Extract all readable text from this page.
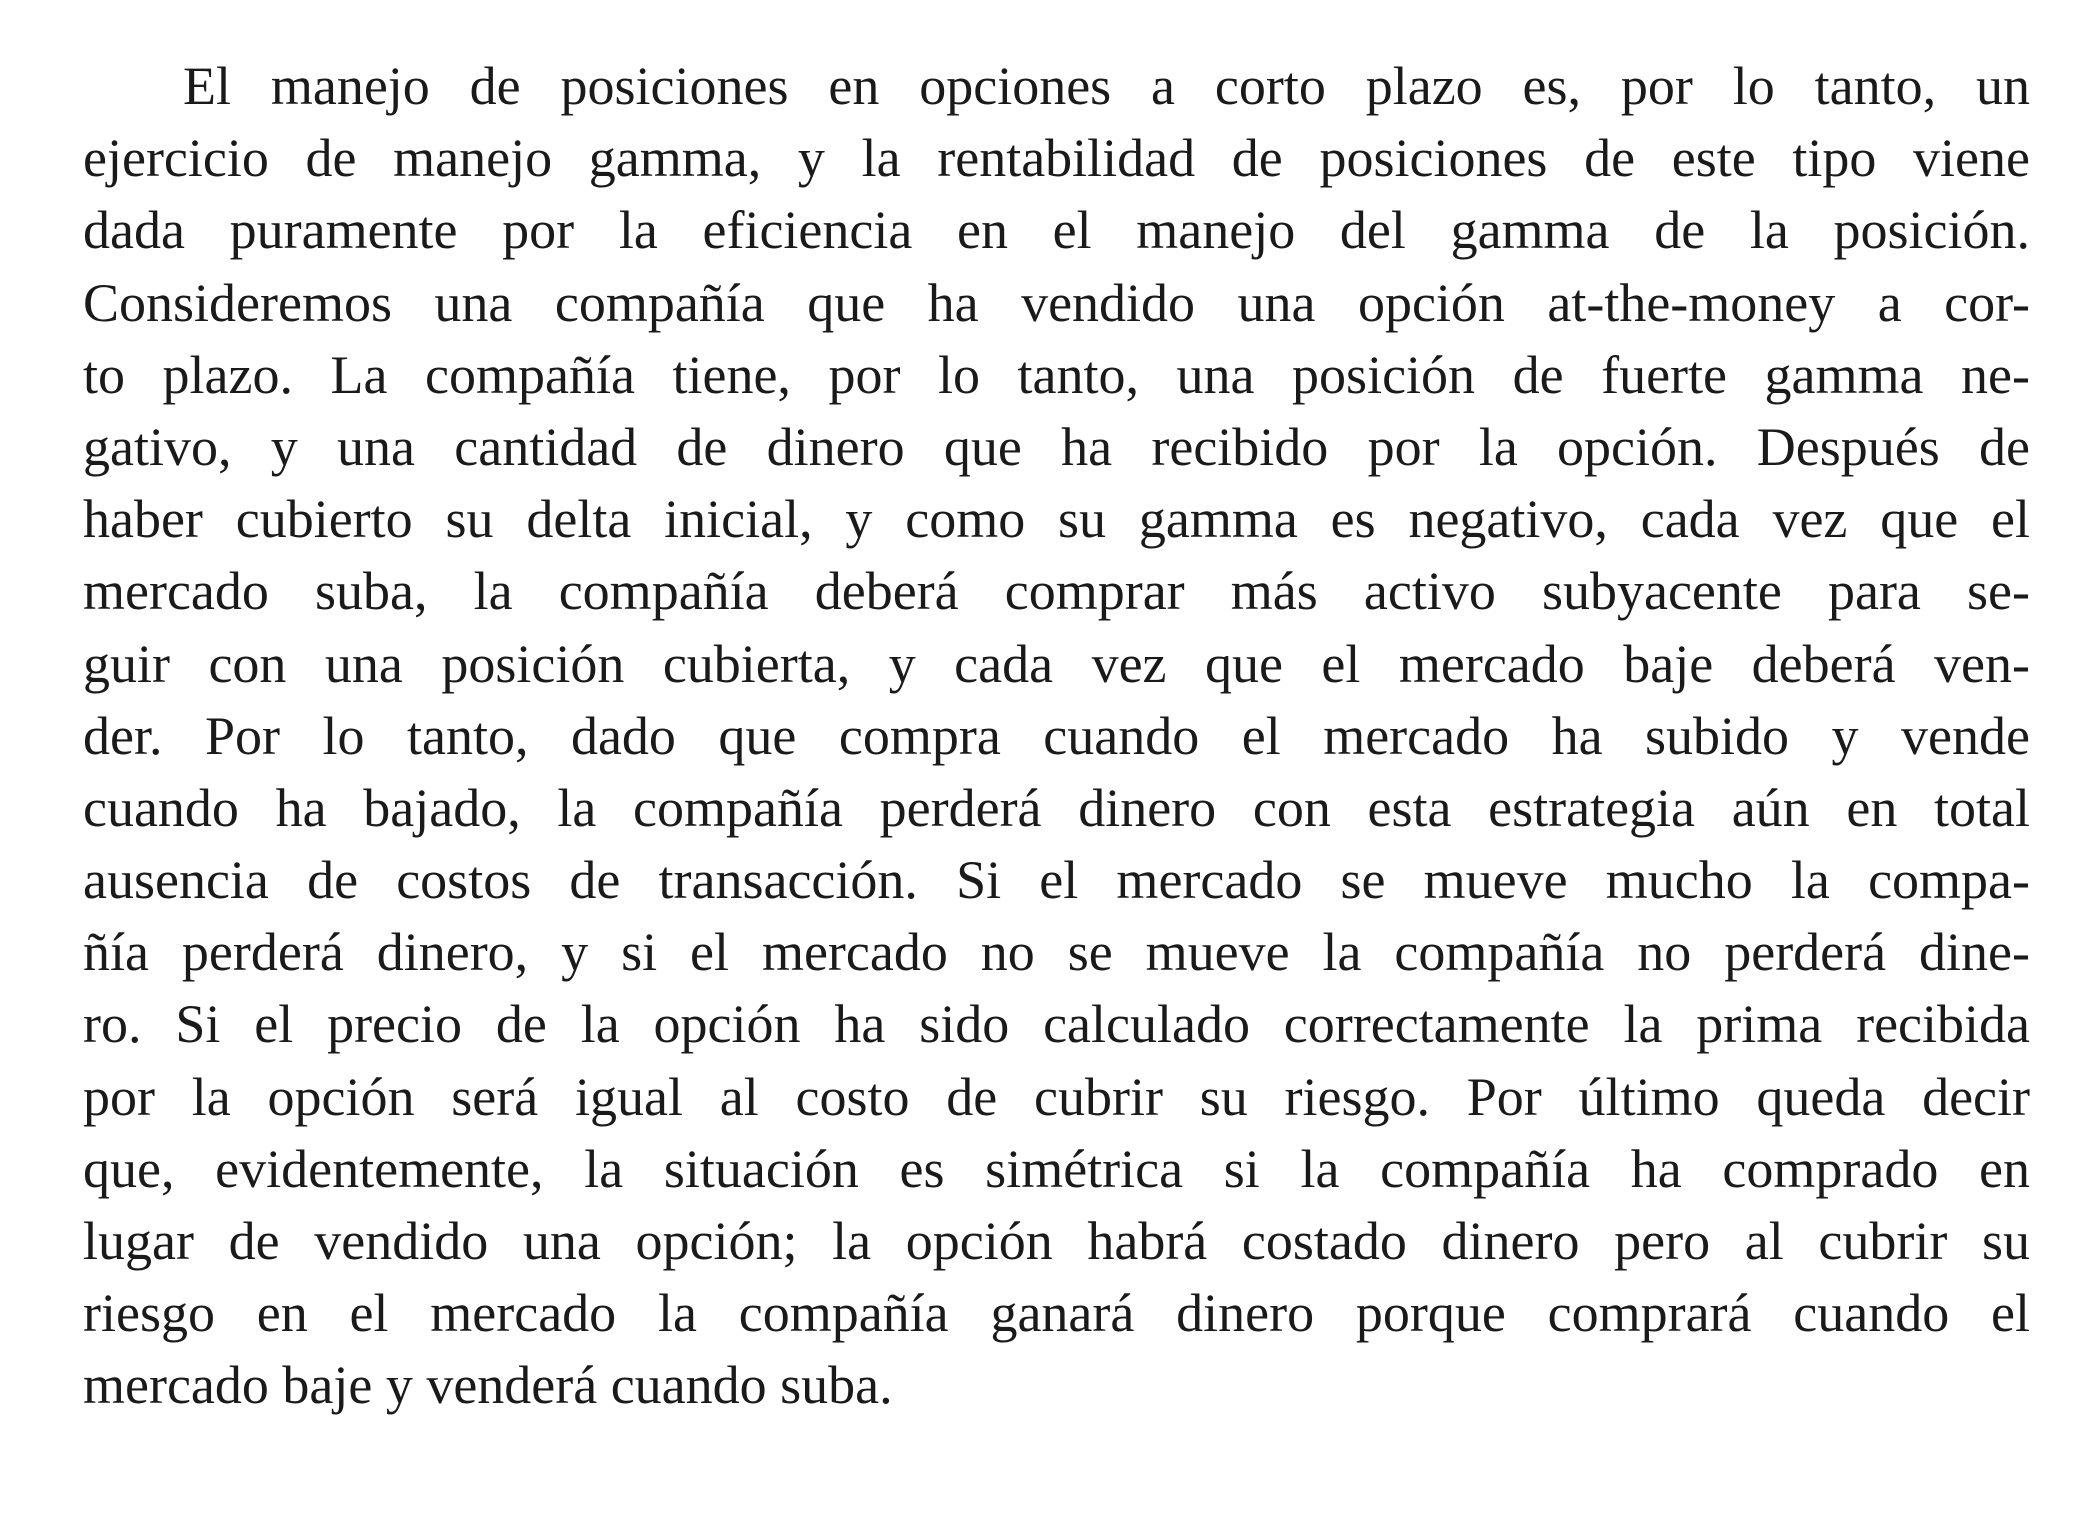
El manejo de posiciones en opciones a corto plazo es, por lo tanto, un
ejercicio de manejo gamma, y la rentabilidad de posiciones de este tipo viene
dada puramente por la eficiencia en el manejo del gamma de la posición.
Consideremos una compañía que ha vendido una opción at-the-money a cor-
to plazo. La compañía tiene, por lo tanto, una posición de fuerte gamma ne-
gativo, y una cantidad de dinero que ha recibido por la opción. Después de
haber cubierto su delta inicial, y como su gamma es negativo, cada vez que el
mercado suba, la compañía deberá comprar más activo subyacente para se-
guir con una posición cubierta, y cada vez que el mercado baje deberá ven-
der. Por lo tanto, dado que compra cuando el mercado ha subido y vende
cuando ha bajado, la compañía perderá dinero con esta estrategia aún en total
ausencia de costos de transacción. Si el mercado se mueve mucho la compa-
ñía perderá dinero, y si el mercado no se mueve la compañía no perderá dine-
ro. Si el precio de la opción ha sido calculado correctamente la prima recibida
por la opción será igual al costo de cubrir su riesgo. Por último queda decir
que, evidentemente, la situación es simétrica si la compañía ha comprado en
lugar de vendido una opción; la opción habrá costado dinero pero al cubrir su
riesgo en el mercado la compañía ganará dinero porque comprará cuando el
mercado baje y venderá cuando suba.
